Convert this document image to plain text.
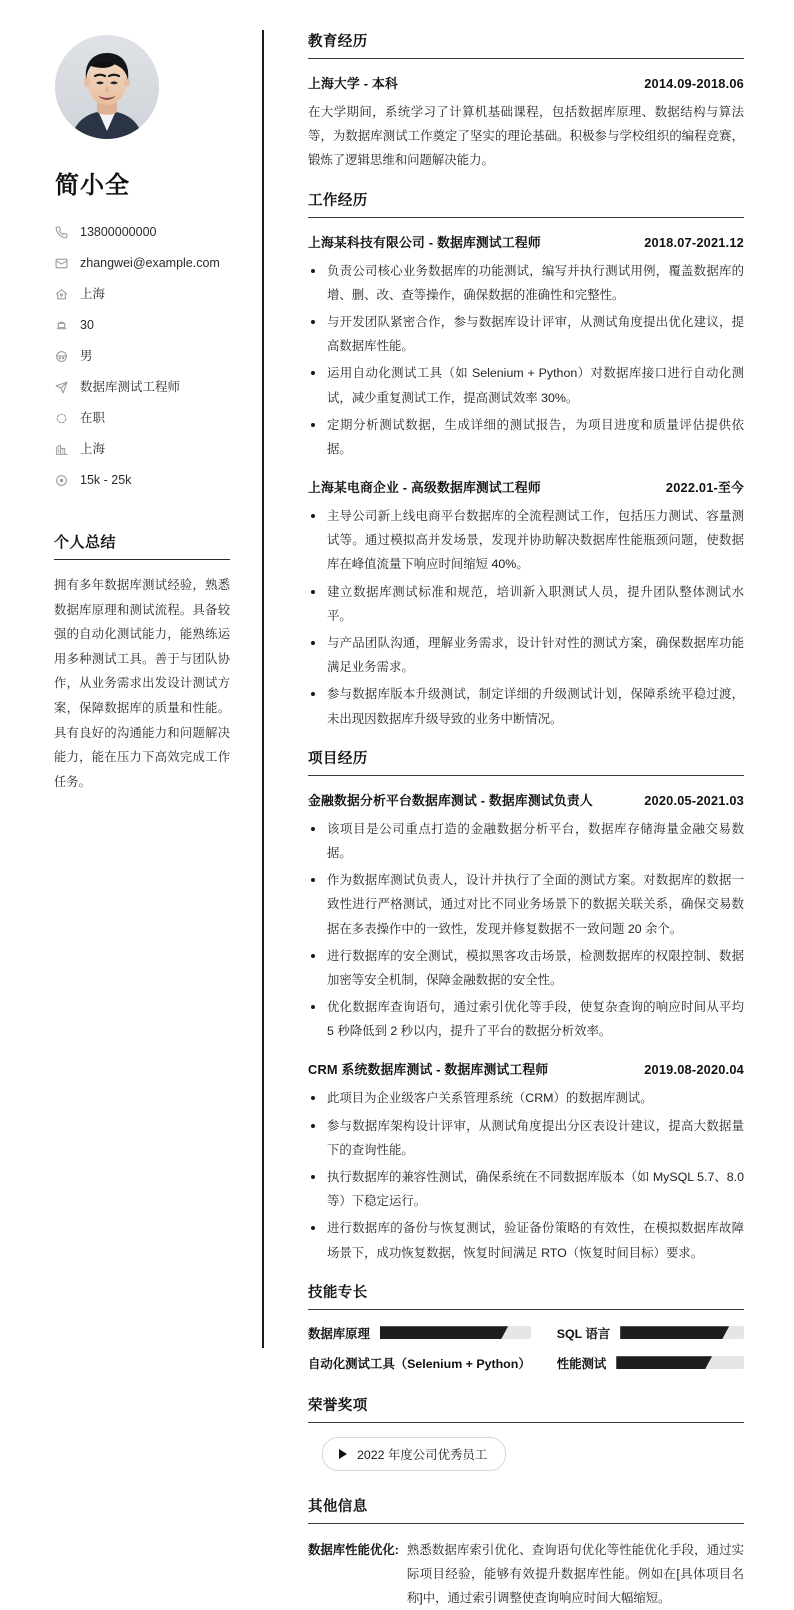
简小全
13800000000
zhangwei@example.com
上海
30
男
数据库测试工程师
在职
上海
15k - 25k
个人总结

拥有多年数据库测试经验，熟悉数据库原理和测试流程。具备较强的自动化测试能力，能熟练运用多种测试工具。善于与团队协作，从业务需求出发设计测试方案，保障数据库的质量和性能。具有良好的沟通能力和问题解决能力，能在压力下高效完成工作任务。

教育经历
上海大学 - 本科	2014.09-2018.06

在大学期间，系统学习了计算机基础课程，包括数据库原理、数据结构与算法等，为数据库测试工作奠定了坚实的理论基础。积极参与学校组织的编程竞赛，锻炼了逻辑思维和问题解决能力。

工作经历
上海某科技有限公司 - 数据库测试工程师	2018.07-2021.12
负责公司核心业务数据库的功能测试，编写并执行测试用例，覆盖数据库的增、删、改、查等操作，确保数据的准确性和完整性。
与开发团队紧密合作，参与数据库设计评审，从测试角度提出优化建议，提高数据库性能。
运用自动化测试工具（如 Selenium + Python）对数据库接口进行自动化测试，减少重复测试工作，提高测试效率 30%。
定期分析测试数据，生成详细的测试报告，为项目进度和质量评估提供依据。
上海某电商企业 - 高级数据库测试工程师	2022.01-至今
主导公司新上线电商平台数据库的全流程测试工作，包括压力测试、容量测试等。通过模拟高并发场景，发现并协助解决数据库性能瓶颈问题，使数据库在峰值流量下响应时间缩短 40%。
建立数据库测试标准和规范，培训新入职测试人员，提升团队整体测试水平。
与产品团队沟通，理解业务需求，设计针对性的测试方案，确保数据库功能满足业务需求。
参与数据库版本升级测试，制定详细的升级测试计划，保障系统平稳过渡，未出现因数据库升级导致的业务中断情况。
项目经历
金融数据分析平台数据库测试 - 数据库测试负责人	2020.05-2021.03
该项目是公司重点打造的金融数据分析平台，数据库存储海量金融交易数据。
作为数据库测试负责人，设计并执行了全面的测试方案。对数据库的数据一致性进行严格测试，通过对比不同业务场景下的数据关联关系，确保交易数据在多表操作中的一致性，发现并修复数据不一致问题 20 余个。
进行数据库的安全测试，模拟黑客攻击场景，检测数据库的权限控制、数据加密等安全机制，保障金融数据的安全性。
优化数据库查询语句，通过索引优化等手段，使复杂查询的响应时间从平均 5 秒降低到 2 秒以内，提升了平台的数据分析效率。
CRM 系统数据库测试 - 数据库测试工程师	2019.08-2020.04
此项目为企业级客户关系管理系统（CRM）的数据库测试。
参与数据库架构设计评审，从测试角度提出分区表设计建议，提高大数据量下的查询性能。
执行数据库的兼容性测试，确保系统在不同数据库版本（如 MySQL 5.7、8.0 等）下稳定运行。
进行数据库的备份与恢复测试，验证备份策略的有效性，在模拟数据库故障场景下，成功恢复数据，恢复时间满足 RTO（恢复时间目标）要求。
技能专长
数据库原理	SQL 语言
自动化测试工具（Selenium + Python） 性能测试
荣誉奖项
2022 年度公司优秀员工
其他信息
数据库性能优化: 熟悉数据库索引优化、查询语句优化等性能优化手段，通过实际项目经验，能够有效提升数据库性能。例如在[具体项目名称]中，通过索引调整使查询响应时间大幅缩短。
